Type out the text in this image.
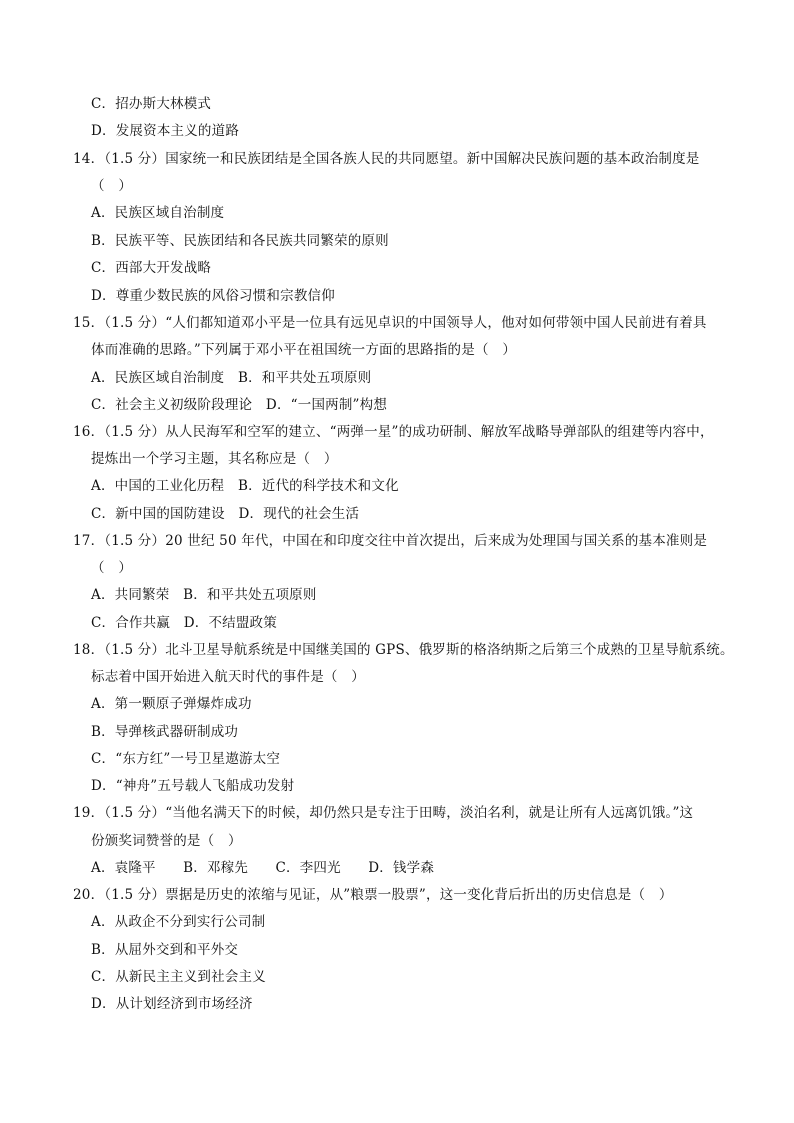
C．招办斯大林模式
D．发展资本主义的道路
14．（1.5 分）国家统一和民族团结是全国各族人民的共同愿望。新中国解决民族问题的基本政治制度是
（　）
A．民族区域自治制度
B．民族平等、民族团结和各民族共同繁荣的原则
C．西部大开发战略
D．尊重少数民族的风俗习惯和宗教信仰
15．（1.5 分）“人们都知道邓小平是一位具有远见卓识的中国领导人，他对如何带领中国人民前进有着具
体而准确的思路。”下列属于邓小平在祖国统一方面的思路指的是（　）
A．民族区域自治制度　B．和平共处五项原则
C．社会主义初级阶段理论　D．“一国两制”构想
16．（1.5 分）从人民海军和空军的建立、“两弹一星”的成功研制、解放军战略导弹部队的组建等内容中，
提炼出一个学习主题，其名称应是（　）
A．中国的工业化历程　B．近代的科学技术和文化
C．新中国的国防建设　D．现代的社会生活
17．（1.5 分）20 世纪 50 年代，中国在和印度交往中首次提出，后来成为处理国与国关系的基本准则是
（　）
A．共同繁荣　B．和平共处五项原则
C．合作共赢　D．不结盟政策
18．（1.5 分）北斗卫星导航系统是中国继美国的 GPS、俄罗斯的格洛纳斯之后第三个成熟的卫星导航系统。
标志着中国开始进入航天时代的事件是（　）
A．第一颗原子弹爆炸成功
B．导弹核武器研制成功
C．“东方红”一号卫星遨游太空
D．“神舟”五号载人飞船成功发射
19．（1.5 分）“当他名满天下的时候，却仍然只是专注于田畴，淡泊名利，就是让所有人远离饥饿。”这
份颁奖词赞誉的是（　）
A．袁隆平　　B．邓稼先　　C．李四光　　D．钱学森
20．（1.5 分）票据是历史的浓缩与见证，从”粮票一股票”，这一变化背后折出的历史信息是（　）
A．从政企不分到实行公司制
B．从屈外交到和平外交
C．从新民主主义到社会主义
D．从计划经济到市场经济
